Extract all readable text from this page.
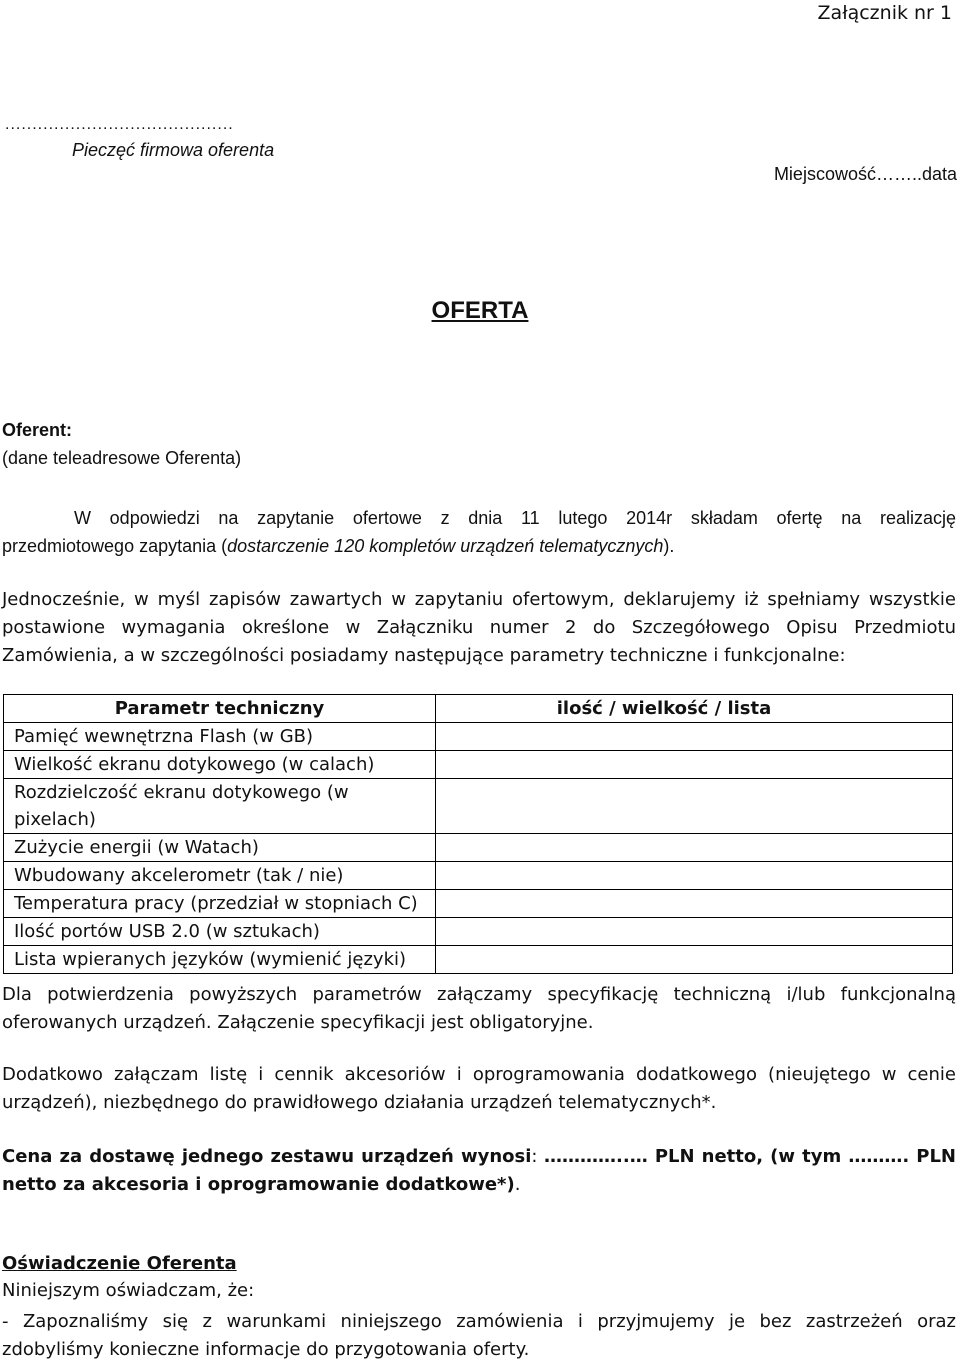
Załącznik nr 1
..........................................
Pieczęć firmowa oferenta
Miejscowość……..data
OFERTA
Oferent:
(dane teleadresowe Oferenta)
W odpowiedzi na zapytanie ofertowe z dnia 11 lutego 2014r składam ofertę na realizację
przedmiotowego zapytania (dostarczenie 120 kompletów urządzeń telematycznych).
Jednocześnie, w myśl zapisów zawartych w zapytaniu ofertowym, deklarujemy iż spełniamy wszystkie postawione wymagania określone w Załączniku numer 2 do Szczegółowego Opisu Przedmiotu Zamówienia, a w szczególności posiadamy następujące parametry techniczne i funkcjonalne:
Parametr techniczny	ilość / wielkość / lista
Pamięć wewnętrzna Flash (w GB)	
Wielkość ekranu dotykowego (w calach)	
Rozdzielczość ekranu dotykowego (w pixelach)	
Zużycie energii (w Watach)	
Wbudowany akcelerometr (tak / nie)	
Temperatura pracy (przedział w stopniach C)	
Ilość portów USB 2.0 (w sztukach)	
Lista wpieranych języków (wymienić języki)	
Dla potwierdzenia powyższych parametrów załączamy specyfikację techniczną i/lub funkcjonalną oferowanych urządzeń. Załączenie specyfikacji jest obligatoryjne.
Dodatkowo załączam listę i cennik akcesoriów i oprogramowania dodatkowego (nieujętego w cenie urządzeń), niezbędnego do prawidłowego działania urządzeń telematycznych*.
Cena za dostawę jednego zestawu urządzeń wynosi: …………..… PLN netto, (w tym ………. PLN netto za akcesoria i oprogramowanie dodatkowe*).
Oświadczenie Oferenta
Niniejszym oświadczam, że:
- Zapoznaliśmy się z warunkami niniejszego zamówienia i przyjmujemy je bez zastrzeżeń oraz zdobyliśmy konieczne informacje do przygotowania oferty.
